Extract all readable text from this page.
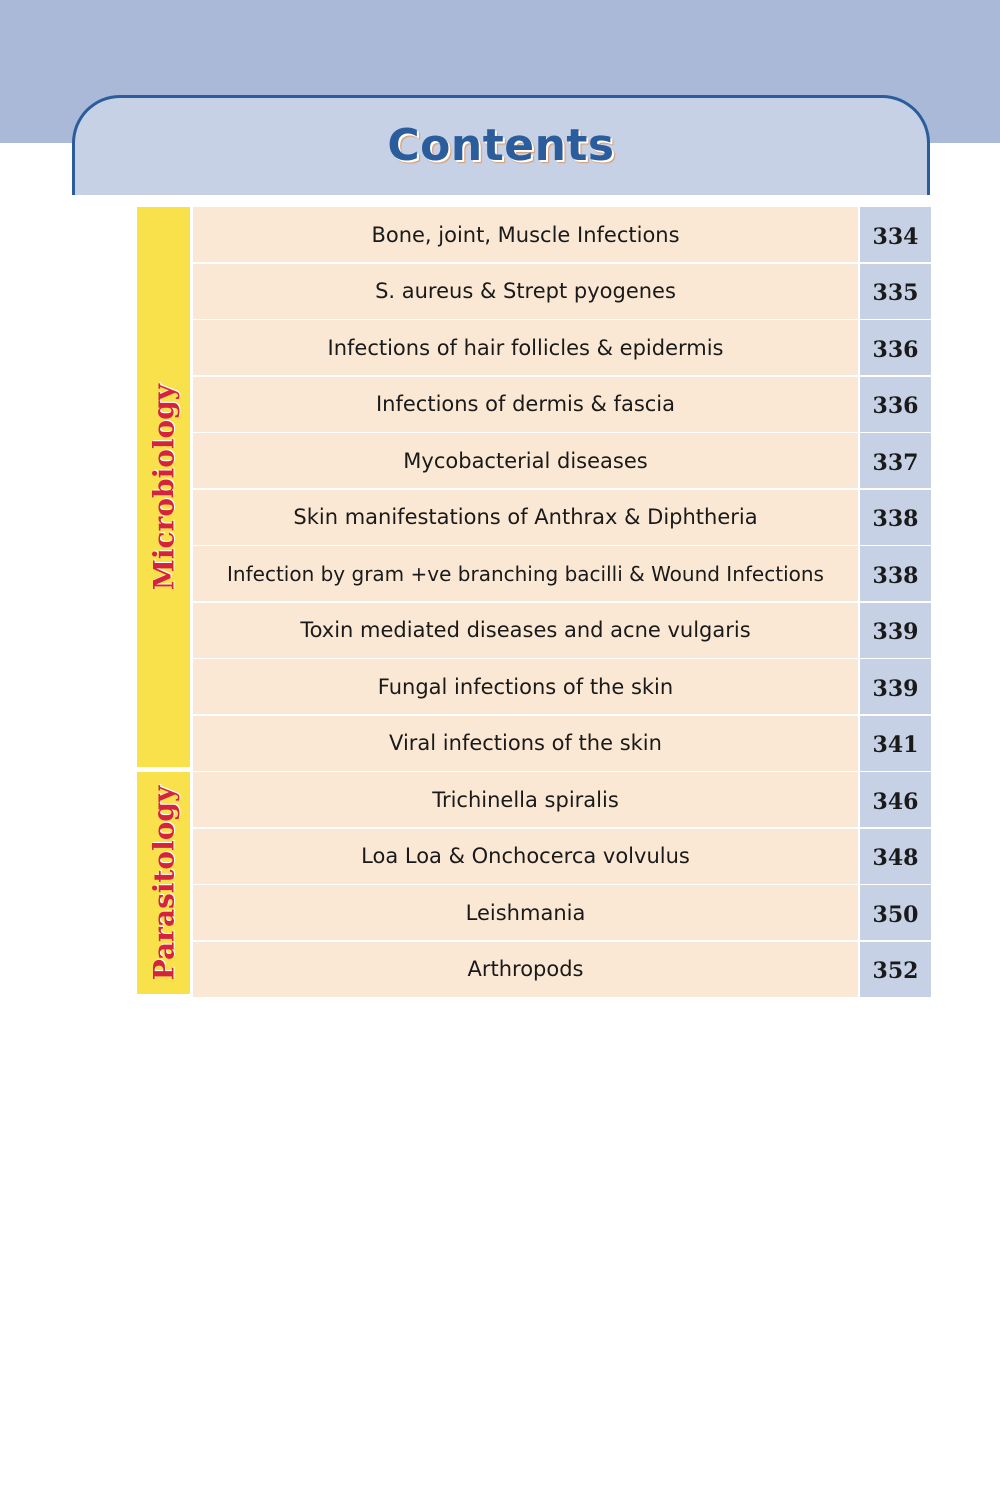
Contents
Microbiology
Bone, joint, Muscle Infections	334
S. aureus & Strept pyogenes	335
Infections of hair follicles & epidermis	336
Infections of dermis & fascia	336
Mycobacterial diseases	337
Skin manifestations of Anthrax & Diphtheria	338
Infection by gram +ve branching bacilli & Wound Infections	338
Toxin mediated diseases and acne vulgaris	339
Fungal infections of the skin	339
Viral infections of the skin	341
Parasitology	Trichinella spiralis	346
Loa Loa & Onchocerca volvulus	348
Leishmania	350
Arthropods	352
